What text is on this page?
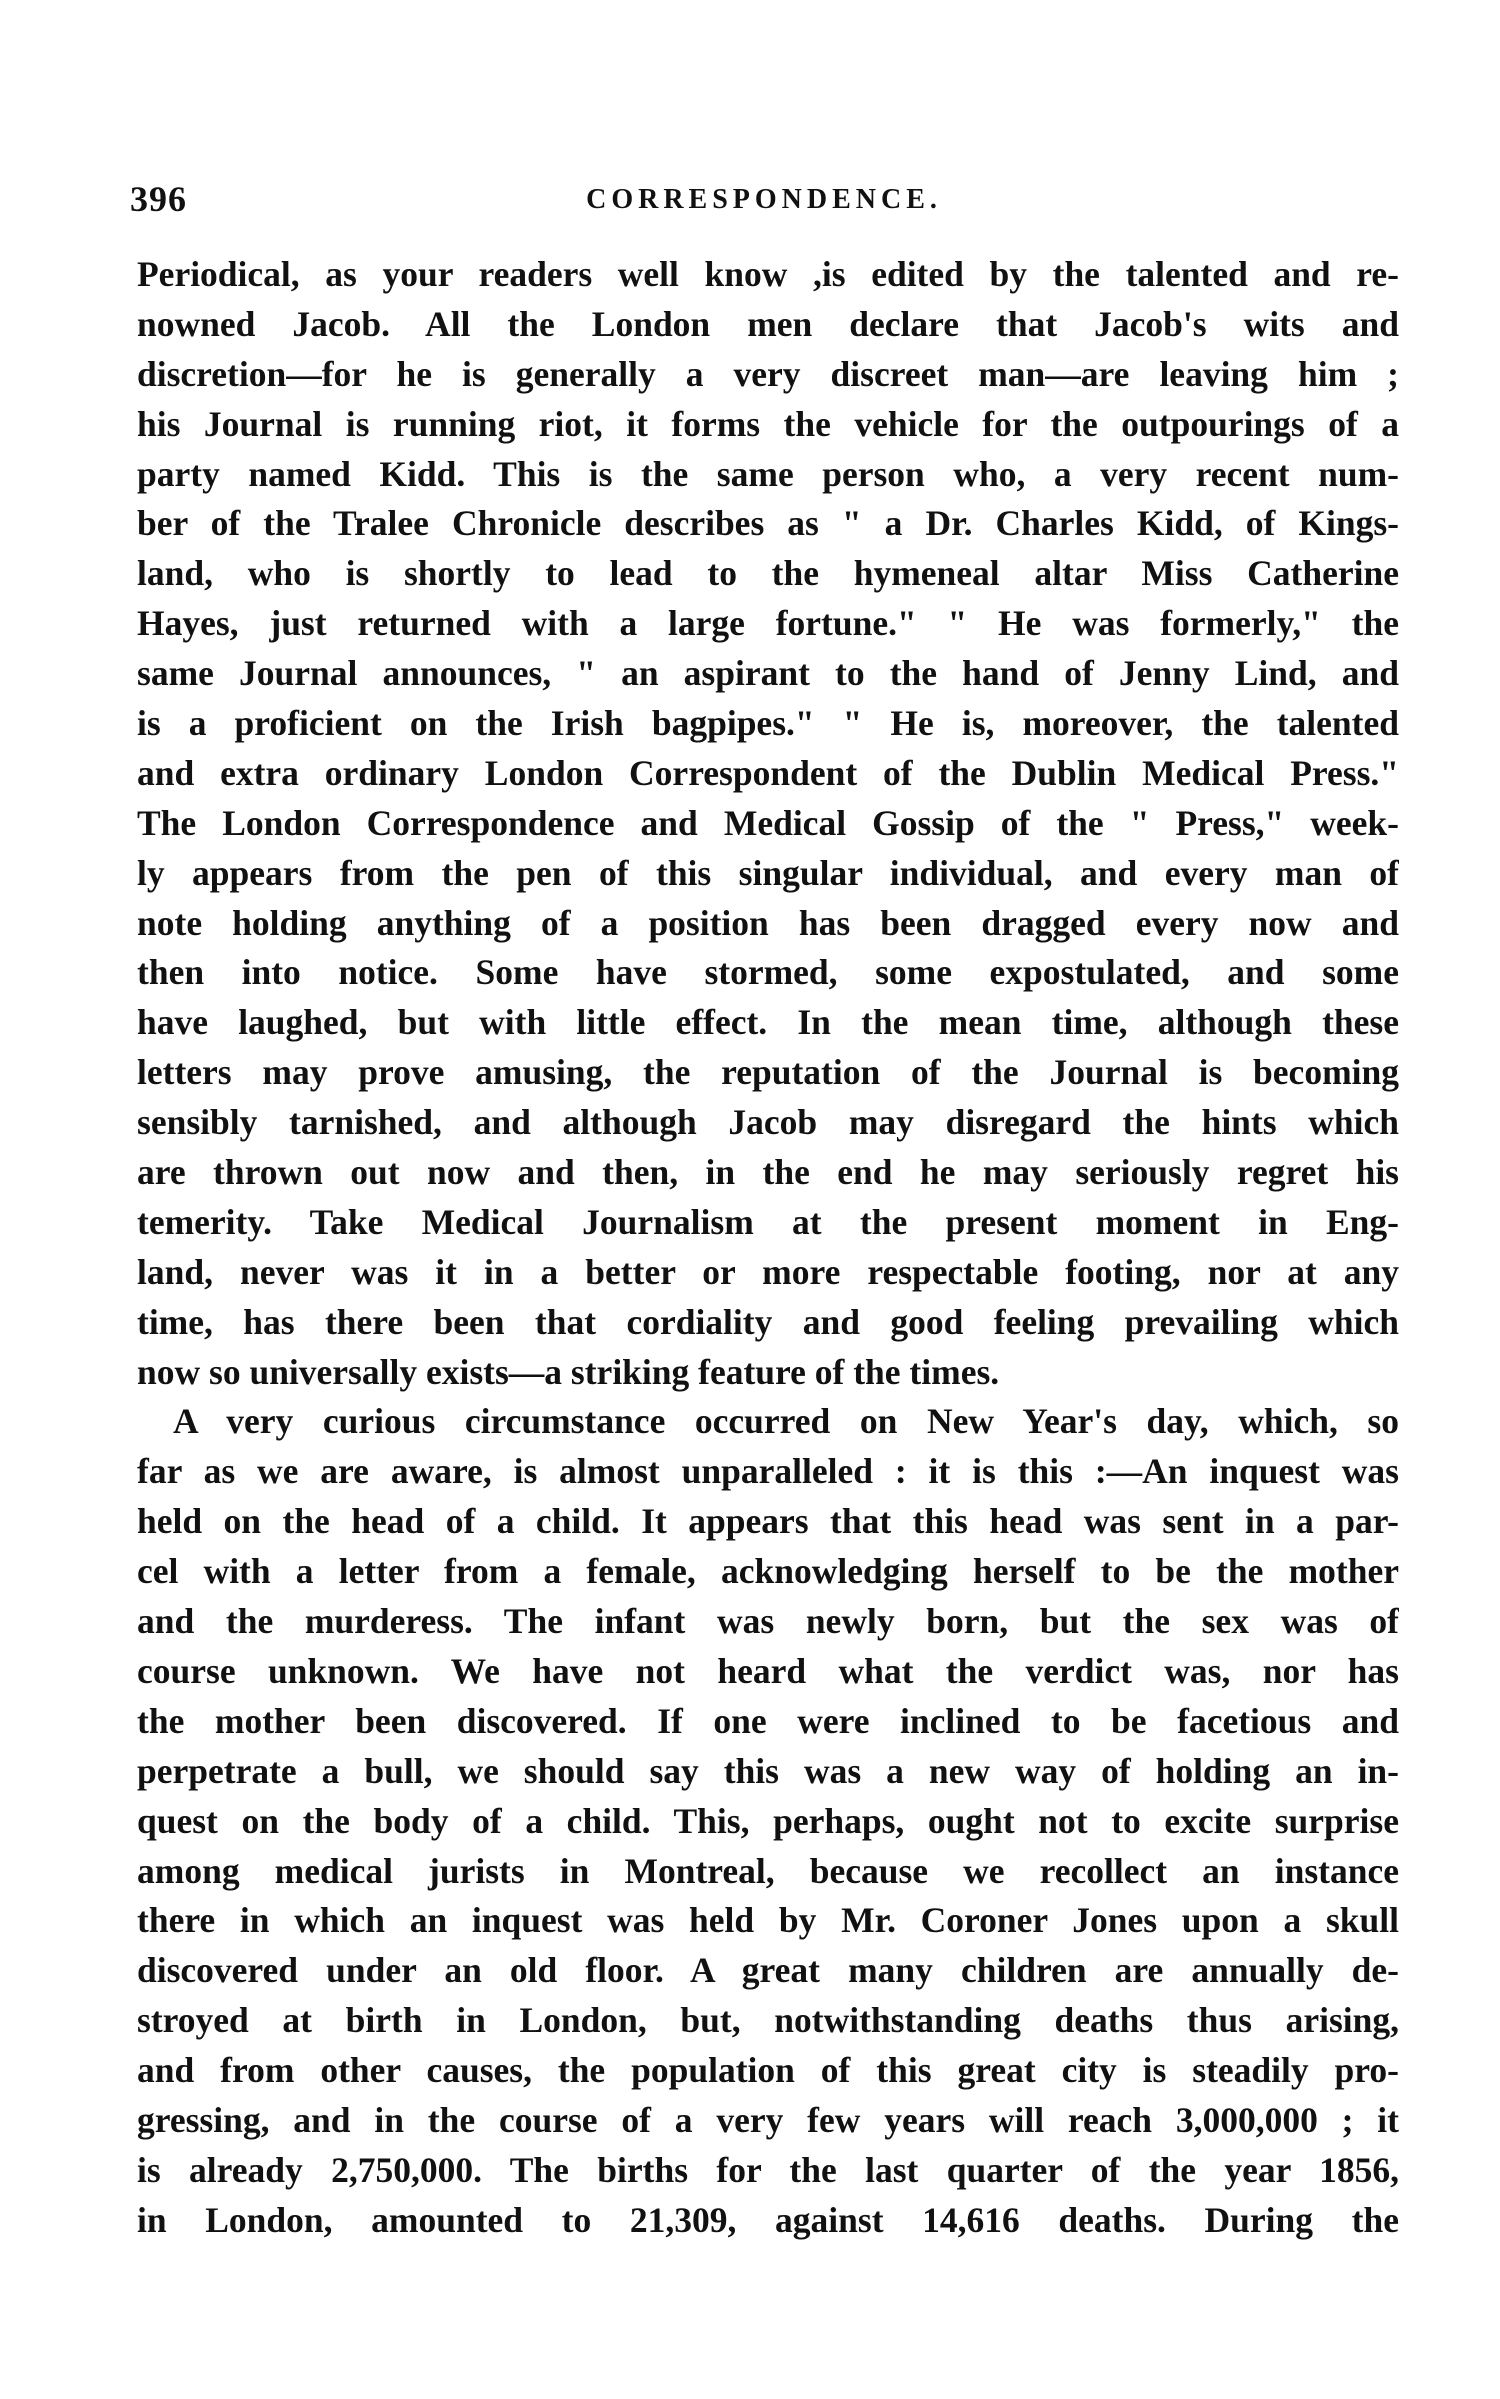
396	CORRESPONDENCE.
Periodical, as your readers well know ,is edited by the talented and re-
nowned Jacob. All the London men declare that Jacob's wits and
discretion—for he is generally a very discreet man—are leaving him ;
his Journal is running riot, it forms the vehicle for the outpourings of a
party named Kidd. This is the same person who, a very recent num-
ber of the Tralee Chronicle describes as " a Dr. Charles Kidd, of Kings-
land, who is shortly to lead to the hymeneal altar Miss Catherine
Hayes, just returned with a large fortune." " He was formerly," the
same Journal announces, " an aspirant to the hand of Jenny Lind, and
is a proficient on the Irish bagpipes." " He is, moreover, the talented
and extra ordinary London Correspondent of the Dublin Medical Press."
The London Correspondence and Medical Gossip of the " Press," week-
ly appears from the pen of this singular individual, and every man of
note holding anything of a position has been dragged every now and
then into notice. Some have stormed, some expostulated, and some
have laughed, but with little effect. In the mean time, although these
letters may prove amusing, the reputation of the Journal is becoming
sensibly tarnished, and although Jacob may disregard the hints which
are thrown out now and then, in the end he may seriously regret his
temerity. Take Medical Journalism at the present moment in Eng-
land, never was it in a better or more respectable footing, nor at any
time, has there been that cordiality and good feeling prevailing which
now so universally exists—a striking feature of the times.
A very curious circumstance occurred on New Year's day, which, so
far as we are aware, is almost unparalleled : it is this :—An inquest was
held on the head of a child. It appears that this head was sent in a par-
cel with a letter from a female, acknowledging herself to be the mother
and the murderess. The infant was newly born, but the sex was of
course unknown. We have not heard what the verdict was, nor has
the mother been discovered. If one were inclined to be facetious and
perpetrate a bull, we should say this was a new way of holding an in-
quest on the body of a child. This, perhaps, ought not to excite surprise
among medical jurists in Montreal, because we recollect an instance
there in which an inquest was held by Mr. Coroner Jones upon a skull
discovered under an old floor. A great many children are annually de-
stroyed at birth in London, but, notwithstanding deaths thus arising,
and from other causes, the population of this great city is steadily pro-
gressing, and in the course of a very few years will reach 3,000,000 ; it
is already 2,750,000. The births for the last quarter of the year 1856,
in London, amounted to 21,309, against 14,616 deaths. During the
